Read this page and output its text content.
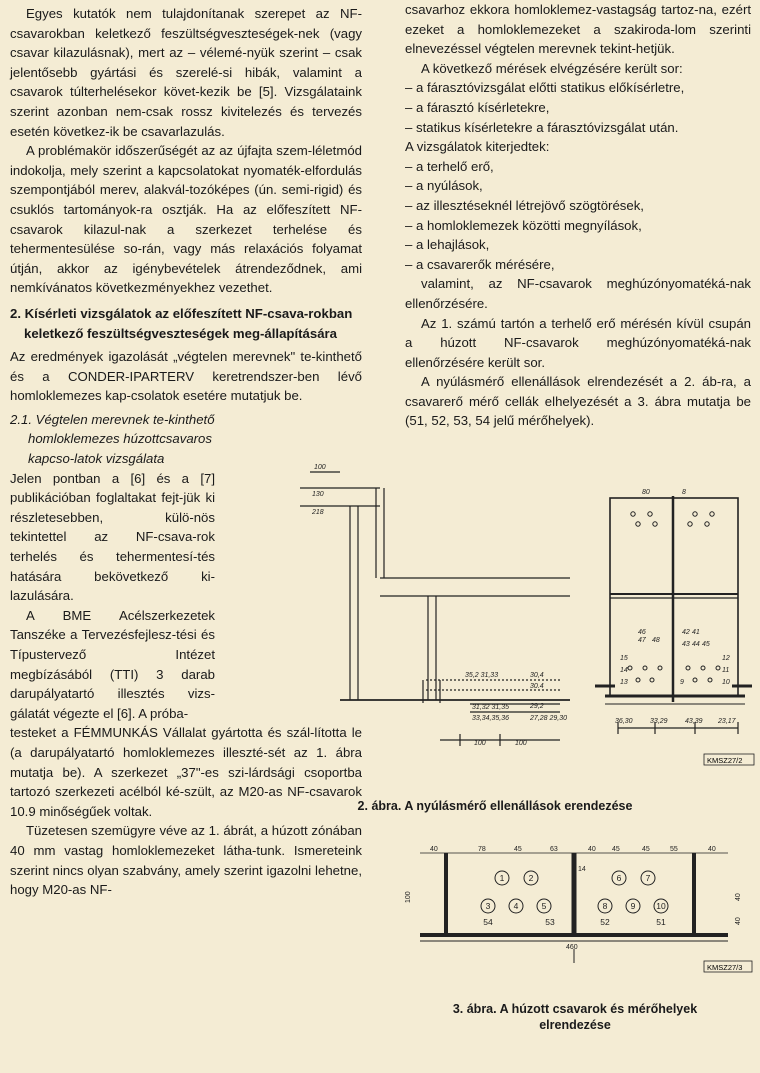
Egyes kutatók nem tulajdonítanak szerepet az NF-csavarokban keletkező feszültségveszteségek-nek (vagy csavar kilazulásnak), mert az – vélemé-nyük szerint – csak jelentősebb gyártási és szerelé-si hibák, valamint a csavarok túlterhelésekor követ-kezik be [5]. Vizsgálataink szerint azonban nem-csak rossz kivitelezés és tervezés esetén következ-ik be csavarlazulás.

A problémakör időszerűségét az az újfajta szem-léletmód indokolja, mely szerint a kapcsolatokat nyomaték-elfordulás szempontjából merev, alakvál-tozóképes (ún. semi-rigid) és csuklós tartományok-ra osztják. Ha az előfeszített NF-csavarok kilazul-nak a szerkezet terhelése és tehermentesülése so-rán, vagy más relaxációs folyamat útján, akkor az igénybevételek átrendeződnek, ami nemkívánatos következményekhez vezethet.

2. Kísérleti vizsgálatok az előfeszített NF-csava-rokban keletkező feszültségveszteségek meg-állapítására

Az eredmények igazolását „végtelen merevnek" te-kinthető és a CONDER-IPARTERV keretrendszer-ben lévő homloklemezes kap-csolatok esetére mutatjuk be.

2.1. Végtelen merevnek te-kinthető homloklemezes húzottcsavaros kapcso-latok vizsgálata

Jelen pontban a [6] és a [7] publikációban foglaltakat fejt-jük ki részletesebben, külö-nös tekintettel az NF-csava-rok terhelés és tehermentesí-tés hatására bekövetkező ki-lazulására.

A BME Acélszerkezetek Tanszéke a Tervezésfejlesz-tési és Típustervező Intézet megbízásából (TTI) 3 darab darupályatartó illesztés vizs-gálatát végezte el [6]. A próba-

testeket a FÉMMUNKÁS Vállalat gyártotta és szál-lította le (a darupályatartó homloklemezes illeszté-sét az 1. ábra mutatja be). A szerkezet „37"-es szi-lárdsági csoportba tartozó szerkezeti acélból ké-szült, az M20-as NF-csavarok 10.9 minőségűek voltak.

Tüzetesen szemügyre véve az 1. ábrát, a húzott zónában 40 mm vastag homloklemezeket látha-tunk. Ismereteink szerint nincs olyan szabvány, amely szerint igazolni lehetne, hogy M20-as NF-

csavarhoz ekkora homloklemez-vastagság tartoz-na, ezért ezeket a homloklemezeket a szakiroda-lom szerinti elnevezéssel végtelen merevnek tekint-hetjük.

A következő mérések elvégzésére került sor:

– a fárasztóvizsgálat előtti statikus előkísérletre,

– a fárasztó kísérletekre,

– statikus kísérletekre a fárasztóvizsgálat után.

A vizsgálatok kiterjedtek:

– a terhelő erő,

– a nyúlások,

– az illesztéseknél létrejövő szögtörések,

– a homloklemezek közötti megnyílások,

– a lehajlások,

– a csavarerők mérésére,

valamint, az NF-csavarok meghúzónyomatéká-nak ellenőrzésére.

Az 1. számú tartón a terhelő erő mérésén kívül csupán a húzott NF-csavarok meghúzónyomatéká-nak ellenőrzésére került sor.

A nyúlásmérő ellenállások elrendezését a 2. áb-ra, a csavarerő mérő cellák elhelyezését a 3. ábra mutatja be (51, 52, 53, 54 jelű mérőhelyek).

100
130
218
30,4
30.4
35,2 31,33
29,2
31,32 31,35
33,34,35,36	27,28 29,30
100	100
36,30 33,29 43,39 23,17
80	8
46
47 48
42 41
43 44 45
15
14
13
12
11
10
9
KMSZ27/2
2. ábra. A nyúlásmérő ellenállások erendezése
1	2
3	4	5
6	7
8	9 10
54	53	52	51
40	78	45	63	40 45	45	55	40
14
100
460
40
40
KMSZ27/3
3. ábra. A húzott csavarok és mérőhelyek elrendezése
